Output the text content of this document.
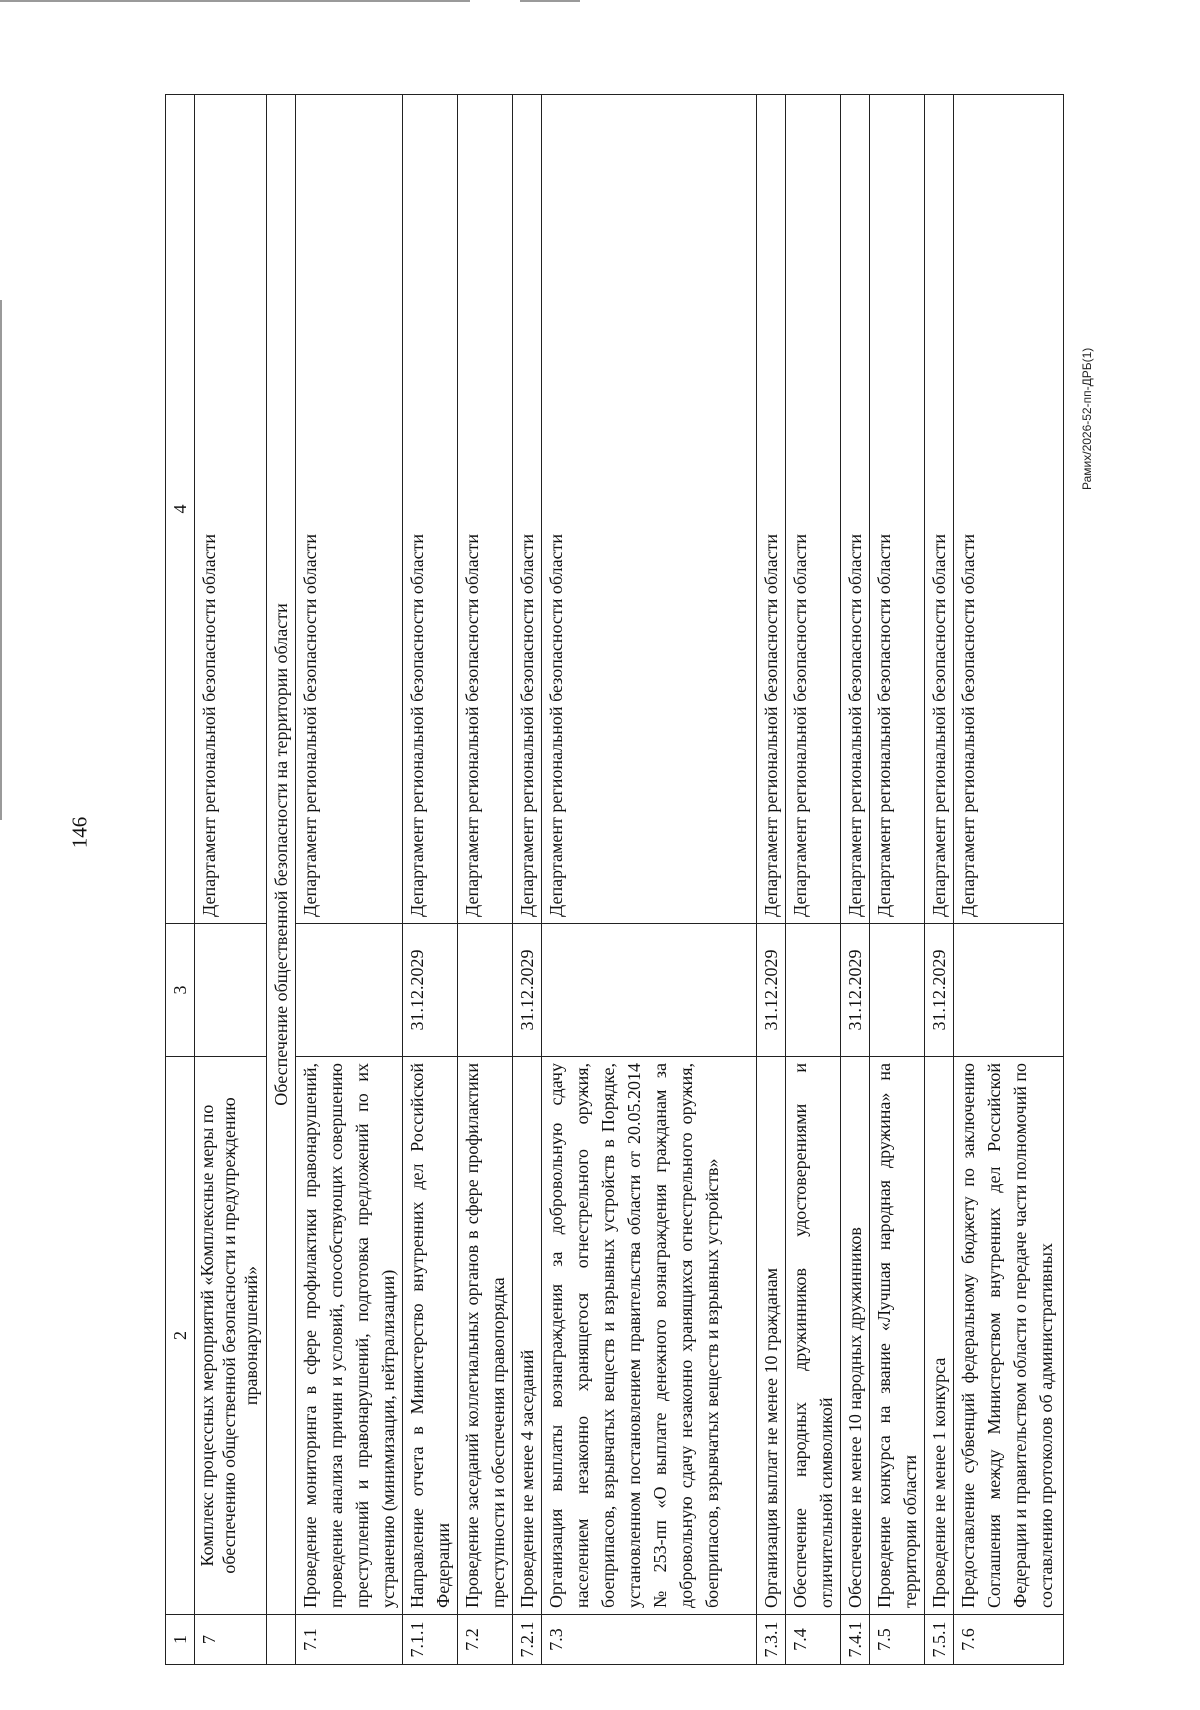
146
Рамих/2026-52-пп-ДРБ(1)
1	2	3	4
7	Комплекс процессных мероприятий «Комплексные меры по обеспечению общественной безопасности и предупреждению правонарушений»		Департамент региональной безопасности области
	Обеспечение общественной безопасности на территории области		
7.1	Проведение мониторинга в сфере профилактики правонарушений, проведение анализа причин и условий, способствующих совершению преступлений и правонарушений, подготовка предложений по их устранению (минимизации, нейтрализации)		Департамент региональной безопасности области
7.1.1	Направление отчета в Министерство внутренних дел Российской Федерации	31.12.2029	Департамент региональной безопасности области
7.2	Проведение заседаний коллегиальных органов в сфере профилактики преступности и обеспечения правопорядка		Департамент региональной безопасности области
7.2.1	Проведение не менее 4 заседаний	31.12.2029	Департамент региональной безопасности области
7.3	Организация выплаты вознаграждения за добровольную сдачу населением незаконно хранящегося огнестрельного оружия, боеприпасов, взрывчатых веществ и взрывных устройств в Порядке, установленном постановлением правительства области от 20.05.2014 № 253-пп «О выплате денежного вознаграждения гражданам за добровольную сдачу незаконно хранящихся огнестрельного оружия, боеприпасов, взрывчатых веществ и взрывных устройств»		Департамент региональной безопасности области
7.3.1	Организация выплат не менее 10 гражданам	31.12.2029	Департамент региональной безопасности области
7.4	Обеспечение народных дружинников удостоверениями и отличительной символикой		Департамент региональной безопасности области
7.4.1	Обеспечение не менее 10 народных дружинников	31.12.2029	Департамент региональной безопасности области
7.5	Проведение конкурса на звание «Лучшая народная дружина» на территории области		Департамент региональной безопасности области
7.5.1	Проведение не менее 1 конкурса	31.12.2029	Департамент региональной безопасности области
7.6	Предоставление субвенций федеральному бюджету по заключению Соглашения между Министерством внутренних дел Российской Федерации и правительством области о передаче части полномочий по составлению протоколов об административных		Департамент региональной безопасности области
